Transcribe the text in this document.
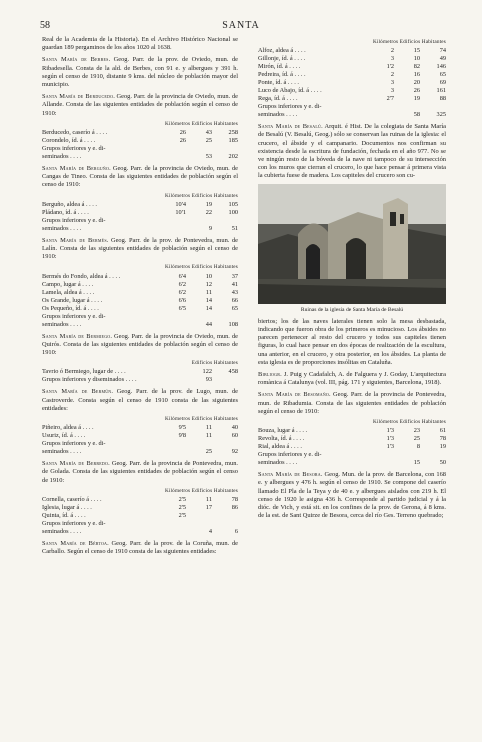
58	SANTA

Real de la Academia de la Historia). En el Archivo Histórico Nacional se guardan 189 pergaminos de los años 1020 al 1638.

Santa María de Berbes. Geog. Parr. de la prov. de Oviedo, mun. de Ribadesella. Consta de la ald. de Berbes, con 91 e. y albergues y 391 h. según el censo de 1910, distante 9 kms. del núcleo de población mayor del municipio.

Santa María de Berducedo. Geog. Parr. de la provincia de Oviedo, mun. de Allande. Consta de las siguientes entidades de población según el censo de 1910:

Kilómetros Edificios Habitantes
Berducedo, caserío á . . . .	26	43	258
Corondelo, íd. á . . . .	26	25	185
Grupos inferiores y e. di-			
seminados . . . .		53	202

Santa María de Berguño. Geog. Parr. de la provincia de Oviedo, mun. de Cangas de Tineo. Consta de las siguientes entidades de población según el censo de 1910:

Kilómetros Edificios Habitantes
Berguño, aldea á . . . .	10'4	19	105
Pládano, íd. á . . . .	10'1	22	100
Grupos inferiores y e. di-			
seminados . . . .		9	51

Santa María de Bermés. Geog. Parr. de la prov. de Pontevedra, mun. de Lalín. Consta de las siguientes entidades de población según el censo de 1910:

Kilómetros Edificios Habitantes
Bermés do Fondo, aldea á . . . .	6'4	10	37
Campo, lugar á . . . .	6'2	12	41
Lamela, aldea á . . . .	6'2	11	43
Os Grande, lugar á . . . .	6'6	14	66
Os Pequeño, íd. á . . . .	6'5	14	65
Grupos inferiores y e. di-			
seminados . . . .		44	108

Santa María de Bermiego. Geog. Parr. de la provincia de Oviedo, mun. de Quirós. Consta de las siguientes entidades de población según el censo de 1910:

Edificios Habitantes
Tavrio ó Bermiego, lugar de . . . .		122	458
Grupos inferiores y diseminados . . . .		93	

Santa María de Bermún. Geog. Parr. de la prov. de Lugo, mun. de Castroverde. Consta según el censo de 1910 consta de las siguientes entidades:

Kilómetros Edificios Habitantes
Piñeiro, aldea á . . . .	9'5	11	40
Usuriz, íd. á . . . .	9'8	11	60
Grupos inferiores y e. di-			
seminados . . . .		25	92

Santa María de Berredo. Geog. Parr. de la provincia de Pontevedra, mun. de Golada. Consta de las siguientes entidades de población según el censo de 1910:

Kilómetros Edificios Habitantes
Cornella, caserío á . . . .	2'5	11	78
Iglesia, lugar á . . . .	2'5	17	86
Quinta, íd. á . . . .	2'5		
Grupos inferiores y e. di-			
seminados . . . .		4	6

Santa María de Bértoa. Geog. Parr. de la prov. de la Coruña, mun. de Carballo. Según el censo de 1910 consta de las siguientes entidades:

Kilómetros Edificios Habitantes
Alfoz, aldea á . . . .	2	15	74
Gillonje, íd. á . . . .	3	10	49
Mirón, íd. á . . . .	1'2	82	146
Pedreira, íd. á . . . .	2	16	65
Ponte, íd. á . . . .	3	20	69
Luco de Abajo, íd. á . . . .	3	26	161
Rega, íd. á . . . .	2'7	19	88
Grupos inferiores y e. di-			
seminados . . . .		58	325

Santa María de Besalú. Arquit. é Hist. De la colegiata de Santa María de Besalú (V. Besalú, Geog.) sólo se conservan las ruinas de la iglesia: el crucero, el ábside y el campanario. Documentos nos confirman su existencia desde la escritura de fundación, fechada en el año 977. No se ve ningún resto de la bóveda de la nave ni tampoco de su intersección con los muros que cierran el crucero, lo que hace pensar á primera vista la cubierta fuese de madera. Los capiteles del crucero son cu-

Ruinas de la iglesia de Santa María de Besalú

biertos; los de las naves laterales tienen solo la mesa desbastada, indicando que fueron obra de los primeros es minucioso. Los ábsides no parecen pertenecer al resto del crucero y todos sus capiteles tienen figuras, lo cual hace pensar en dos épocas de realización de la escultura, una anterior, en el crucero, y otra posterior, en los ábsides. La planta de esta iglesia es de proporciones insólitas en Cataluña.

Bibliogr. J. Puig y Cadafalch, A. de Falguera y J. Goday, L'arquitectura romànica á Catalunya (vol. III, pág. 171 y siguientes, Barcelona, 1918).

Santa María de Besomaño. Geog. Parr. de la provincia de Pontevedra, mun. de Ribadumia. Consta de las siguientes entidades de población según el censo de 1910:

Kilómetros Edificios Habitantes
Bouza, lugar á . . . .	1'3	23	61
Revolta, íd. á . . . .	1'3	25	78
Rial, aldea á . . . .	1'3	8	19
Grupos inferiores y e. di-			
seminados . . . .		15	50

Santa María de Besora. Geog. Mun. de la prov. de Barcelona, con 168 e. y albergues y 476 h. según el censo de 1910. Se compone del caserío llamado El Pla de la Teya y de 40 e. y albergues aislados con 219 h. El censo de 1920 le asigna 436 h. Corresponde al partido judicial y á la dióc. de Vich, y está sit. en los confines de la prov. de Gerona, á 8 kms. de la est. de Sant Quirze de Besora, cerca del río Ges. Terreno quebrado;
